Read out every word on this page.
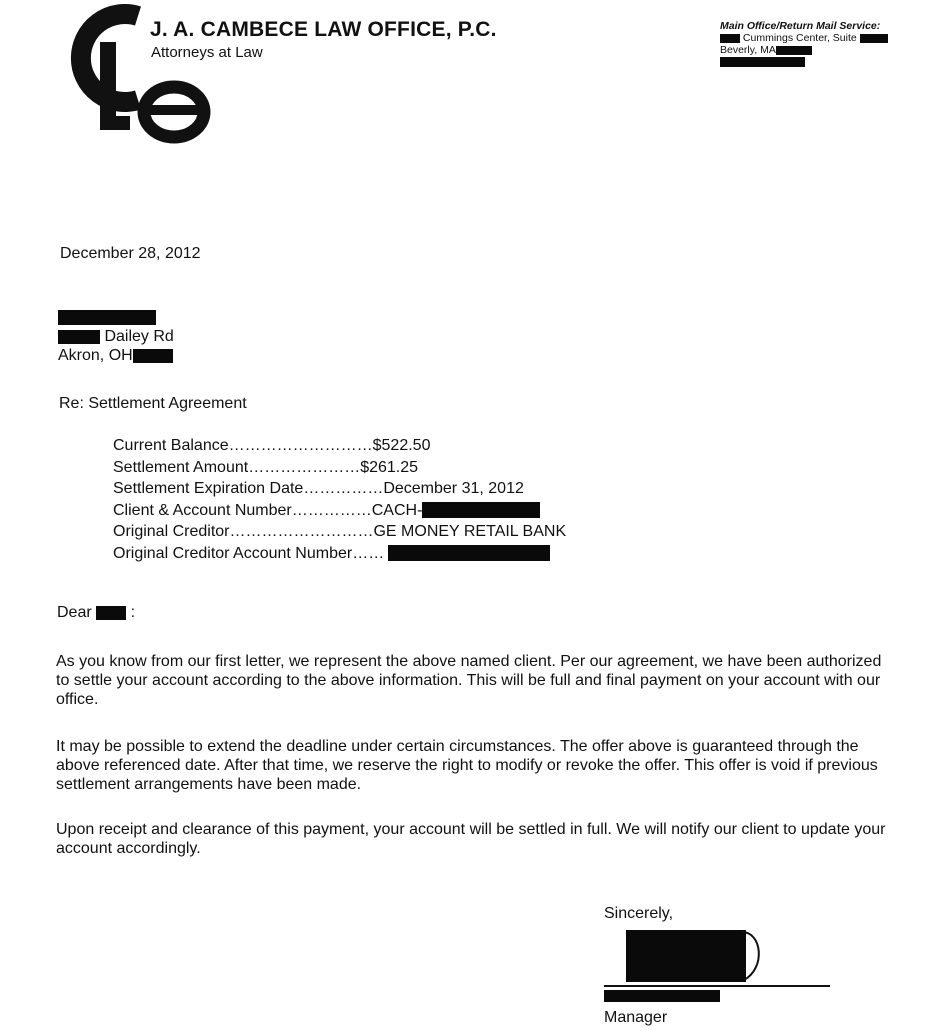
J. A. CAMBECE LAW OFFICE, P.C.
Attorneys at Law
Main Office/Return Mail Service:
Cummings Center, Suite
Beverly, MA
December 28, 2012
Dailey Rd
Akron, OH
Re: Settlement Agreement
Current Balance ……………………… $522.50
Settlement Amount ………………… $261.25
Settlement Expiration Date …………… December 31, 2012
Client & Account Number …………… CACH-
Original Creditor ……………………… GE MONEY RETAIL BANK
Original Creditor Account Number ……
Dear :
As you know from our first letter, we represent the above named client. Per our agreement, we have been authorized to settle your account according to the above information. This will be full and final payment on your account with our office.
It may be possible to extend the deadline under certain circumstances. The offer above is guaranteed through the above referenced date. After that time, we reserve the right to modify or revoke the offer. This offer is void if previous settlement arrangements have been made.
Upon receipt and clearance of this payment, your account will be settled in full. We will notify our client to update your account accordingly.
Sincerely,
Manager
